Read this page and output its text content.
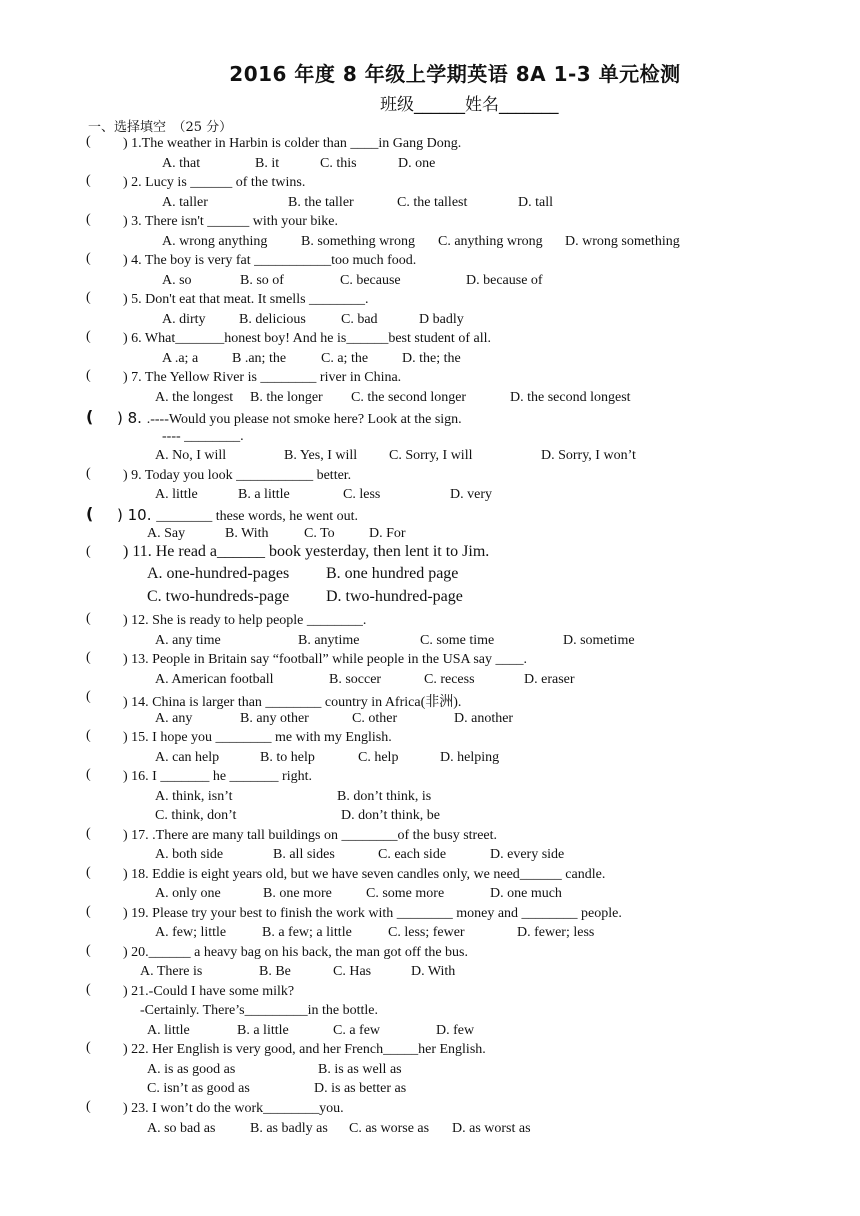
2016 年度 8 年级上学期英语 8A 1-3 单元检测
班级______姓名_______
一、选择填空　（25 分）
( ) 1.The weather in Harbin is colder than ____in Gang Dong.
A. that	B. it	C. this	D. one
( ) 2. Lucy is ______ of the twins.
A. taller	B. the taller	C. the tallest	D. tall
( ) 3. There isn't ______ with your bike.
A. wrong anything B. something wrong C. anything wrong D. wrong something
( ) 4. The boy is very fat ___________too much food.
A. so	B. so of	C. because	D. because of
( ) 5. Don't eat that meat. It smells ________.
A. dirty B. delicious	C. bad	D badly
( ) 6. What_______honest boy! And he is______best student of all.
A .a; a B .an; the C. a; the D. the; the
( ) 7. The Yellow River is ________ river in China.
A. the longest B. the longer C. the second longer	D. the second longest
( ) 8. .----Would you please not smoke here? Look at the sign.
---- ________.
A. No, I will	B. Yes, I will C. Sorry, I will	D. Sorry, I won’t
( ) 9. Today you look ___________ better.
A. little	B. a little	C. less	D. very
( ) 10. ________ these words, he went out.
A. Say	B. With	C. To D. For
( ) 11. He read a______ book yesterday, then lent it to Jim.
A. one-hundred-pages B. one hundred page
C. two-hundreds-page D. two-hundred-page
( ) 12. She is ready to help people ________.
A. any time	B. anytime	C. some time	D. sometime
( ) 13. People in Britain say “football” while people in the USA say ____.
A. American football	B. soccer	C. recess	D. eraser
( ) 14. China is larger than ________ country in Africa(非洲).
A. any	B. any other	C. other	D. another
( ) 15. I hope you ________ me with my English.
A. can help	B. to help	C. help	D. helping
( ) 16. I _______ he _______ right.
A. think, isn’t	B. don’t think, is
C. think, don’t	D. don’t think, be
( ) 17. .There are many tall buildings on ________of the busy street.
A. both side	B. all sides	C. each side	D. every side
( ) 18. Eddie is eight years old, but we have seven candles only, we need______ candle.
A. only one	B. one more C. some more	D. one much
( ) 19. Please try your best to finish the work with ________ money and ________ people.
A. few; little	B. a few; a little	C. less; fewer	D. fewer; less
( ) 20.______ a heavy bag on his back, the man got off the bus.
A. There is	B. Be	C. Has	D. With
( ) 21.-Could I have some milk?
-Certainly. There’s_________in the bottle.
A. little	B. a little	C. a few	D. few
( ) 22. Her English is very good, and her French_____her English.
A. is as good as	B. is as well as
C. isn’t as good as	D. is as better as
( ) 23. I won’t do the work________you.
A. so bad as B. as badly as C. as worse as D. as worst as
